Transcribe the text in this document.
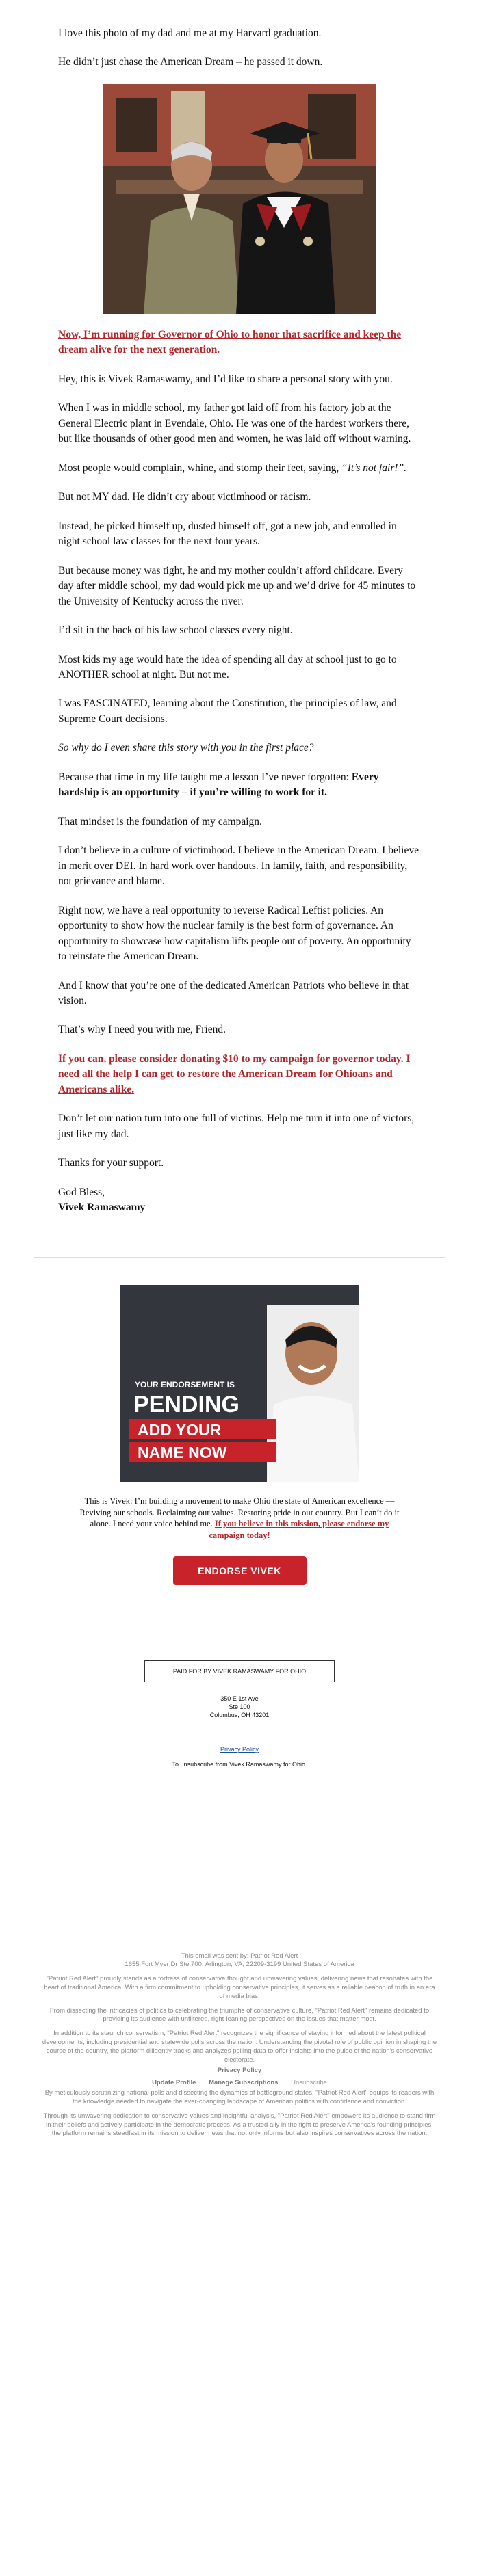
I love this photo of my dad and me at my Harvard graduation.

He didn’t just chase the American Dream – he passed it down.

Now, I’m running for Governor of Ohio to honor that sacrifice and keep the dream alive for the next generation.

Hey, this is Vivek Ramaswamy, and I’d like to share a personal story with you.

When I was in middle school, my father got laid off from his factory job at the General Electric plant in Evendale, Ohio. He was one of the hardest workers there, but like thousands of other good men and women, he was laid off without warning.

Most people would complain, whine, and stomp their feet, saying, “It’s not fair!”.

But not MY dad. He didn’t cry about victimhood or racism.

Instead, he picked himself up, dusted himself off, got a new job, and enrolled in night school law classes for the next four years.

But because money was tight, he and my mother couldn’t afford childcare. Every day after middle school, my dad would pick me up and we’d drive for 45 minutes to the University of Kentucky across the river.

I’d sit in the back of his law school classes every night.

Most kids my age would hate the idea of spending all day at school just to go to ANOTHER school at night. But not me.

I was FASCINATED, learning about the Constitution, the principles of law, and Supreme Court decisions.

So why do I even share this story with you in the first place?

Because that time in my life taught me a lesson I’ve never forgotten: Every hardship is an opportunity – if you’re willing to work for it.

That mindset is the foundation of my campaign.

I don’t believe in a culture of victimhood. I believe in the American Dream. I believe in merit over DEI. In hard work over handouts. In family, faith, and responsibility, not grievance and blame.

Right now, we have a real opportunity to reverse Radical Leftist policies. An opportunity to show how the nuclear family is the best form of governance. An opportunity to showcase how capitalism lifts people out of poverty. An opportunity to reinstate the American Dream.

And I know that you’re one of the dedicated American Patriots who believe in that vision.

That’s why I need you with me, Friend.

If you can, please consider donating $10 to my campaign for governor today. I need all the help I can get to restore the American Dream for Ohioans and Americans alike.

Don’t let our nation turn into one full of victims. Help me turn it into one of victors, just like my dad.

Thanks for your support.

God Bless,

Vivek Ramaswamy

YOUR ENDORSEMENT IS
PENDING
ADD YOUR
NAME NOW
This is Vivek: I’m building a movement to make Ohio the state of American excellence — Reviving our schools. Reclaiming our values. Restoring pride in our country. But I can’t do it alone. I need your voice behind me. If you believe in this mission, please endorse my campaign today!
ENDORSE VIVEK
PAID FOR BY VIVEK RAMASWAMY FOR OHIO
350 E 1st Ave
Ste 100
Columbus, OH 43201
Privacy Policy
To unsubscribe from Vivek Ramaswamy for Ohio.

This email was sent by: Patriot Red Alert

1655 Fort Myer Dr Ste 700, Arlington, VA, 22209-3199 United States of America

"Patriot Red Alert" proudly stands as a fortress of conservative thought and unwavering values, delivering news that resonates with the heart of traditional America. With a firm commitment to upholding conservative principles, it serves as a reliable beacon of truth in an era of media bias.

From dissecting the intricacies of politics to celebrating the triumphs of conservative culture, "Patriot Red Alert" remains dedicated to providing its audience with unfiltered, right-leaning perspectives on the issues that matter most.

In addition to its staunch conservatism, "Patriot Red Alert" recognizes the significance of staying informed about the latest political developments, including presidential and statewide polls across the nation. Understanding the pivotal role of public opinion in shaping the course of the country, the platform diligently tracks and analyzes polling data to offer insights into the pulse of the nation's conservative electorate.

Privacy Policy

Update Profile Manage Subscriptions Unsubscribe

By meticulously scrutinizing national polls and dissecting the dynamics of battleground states, "Patriot Red Alert" equips its readers with the knowledge needed to navigate the ever-changing landscape of American politics with confidence and conviction.

Through its unwavering dedication to conservative values and insightful analysis, "Patriot Red Alert" empowers its audience to stand firm in their beliefs and actively participate in the democratic process. As a trusted ally in the fight to preserve America's founding principles, the platform remains steadfast in its mission to deliver news that not only informs but also inspires conservatives across the nation.
